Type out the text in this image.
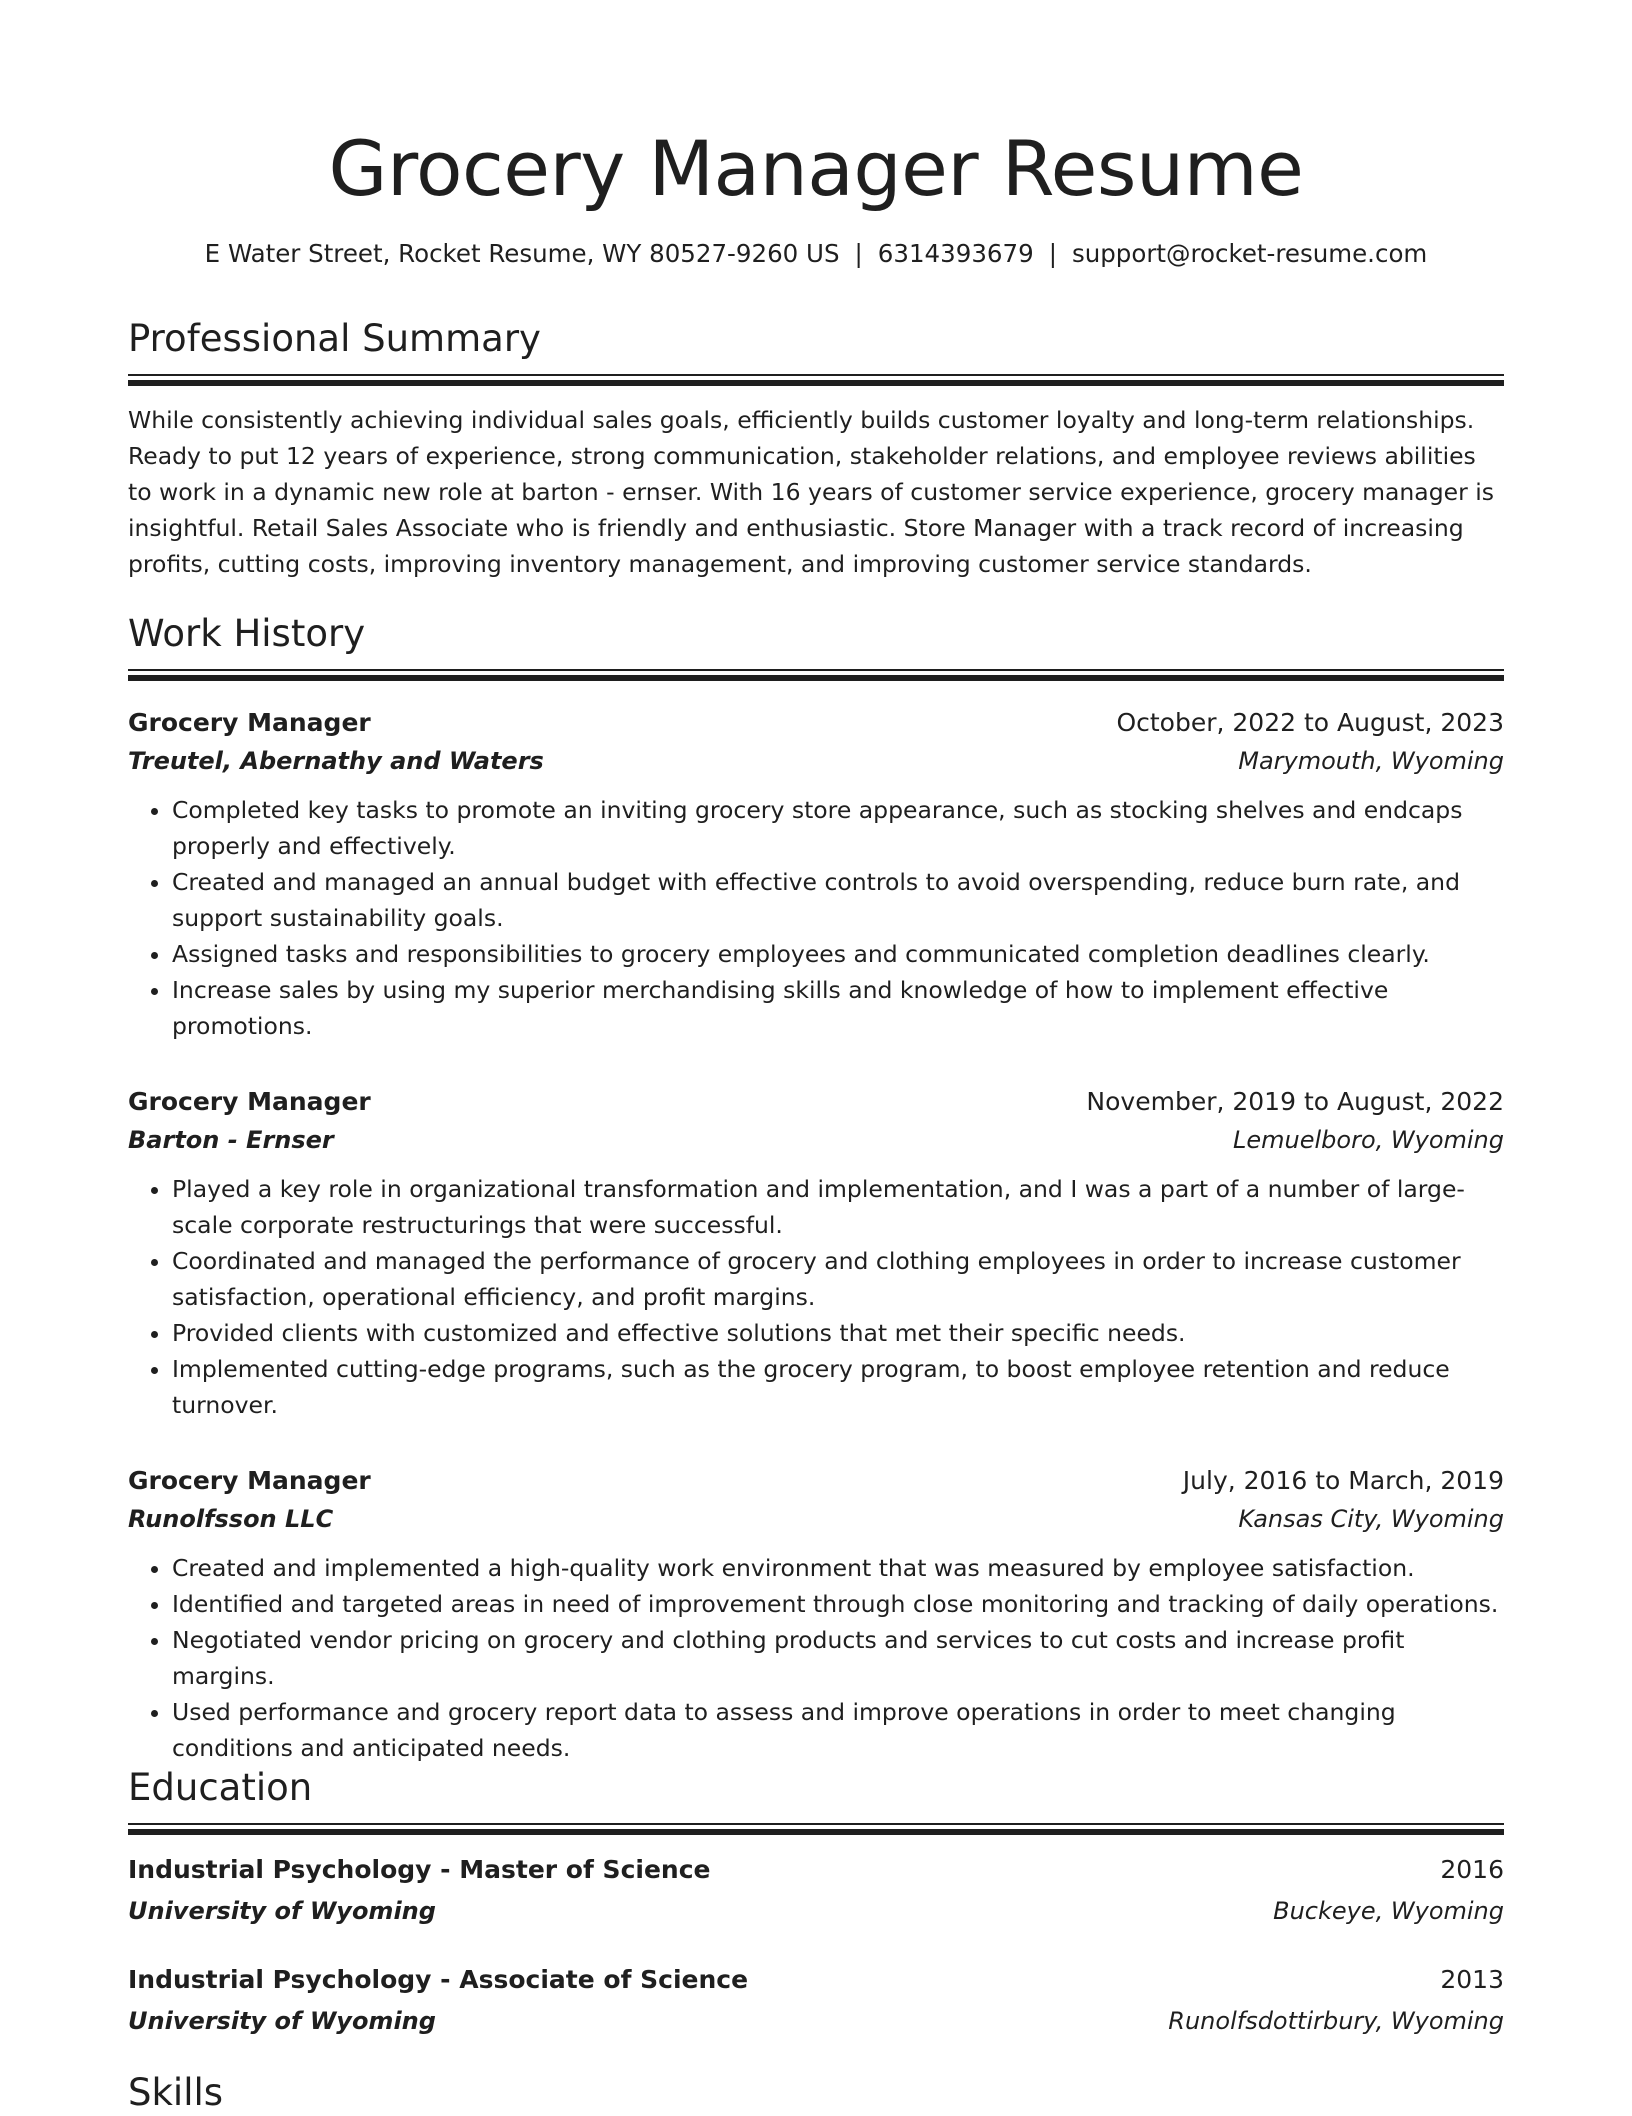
Grocery Manager Resume
E Water Street, Rocket Resume, WY 80527-9260 US | 6314393679 | support@rocket-resume.com
Professional Summary

While consistently achieving individual sales goals, efficiently builds customer loyalty and long-term relationships. Ready to put 12 years of experience, strong communication, stakeholder relations, and employee reviews abilities to work in a dynamic new role at barton - ernser. With 16 years of customer service experience, grocery manager is insightful. Retail Sales Associate who is friendly and enthusiastic. Store Manager with a track record of increasing profits, cutting costs, improving inventory management, and improving customer service standards.

Work History
Grocery Manager	October, 2022 to August, 2023
Treutel, Abernathy and Waters	Marymouth, Wyoming
• Completed key tasks to promote an inviting grocery store appearance, such as stocking shelves and endcaps properly and effectively.
• Created and managed an annual budget with effective controls to avoid overspending, reduce burn rate, and support sustainability goals.
• Assigned tasks and responsibilities to grocery employees and communicated completion deadlines clearly.
• Increase sales by using my superior merchandising skills and knowledge of how to implement effective promotions.
Grocery Manager	November, 2019 to August, 2022
Barton - Ernser	Lemuelboro, Wyoming
• Played a key role in organizational transformation and implementation, and I was a part of a number of large-scale corporate restructurings that were successful.
• Coordinated and managed the performance of grocery and clothing employees in order to increase customer satisfaction, operational efficiency, and profit margins.
• Provided clients with customized and effective solutions that met their specific needs.
• Implemented cutting-edge programs, such as the grocery program, to boost employee retention and reduce turnover.
Grocery Manager	July, 2016 to March, 2019
Runolfsson LLC	Kansas City, Wyoming
• Created and implemented a high-quality work environment that was measured by employee satisfaction.
• Identified and targeted areas in need of improvement through close monitoring and tracking of daily operations.
• Negotiated vendor pricing on grocery and clothing products and services to cut costs and increase profit margins.
• Used performance and grocery report data to assess and improve operations in order to meet changing conditions and anticipated needs.
Education
Industrial Psychology - Master of Science	2016
University of Wyoming	Buckeye, Wyoming
Industrial Psychology - Associate of Science	2013
University of Wyoming	Runolfsdottirbury, Wyoming
Skills
